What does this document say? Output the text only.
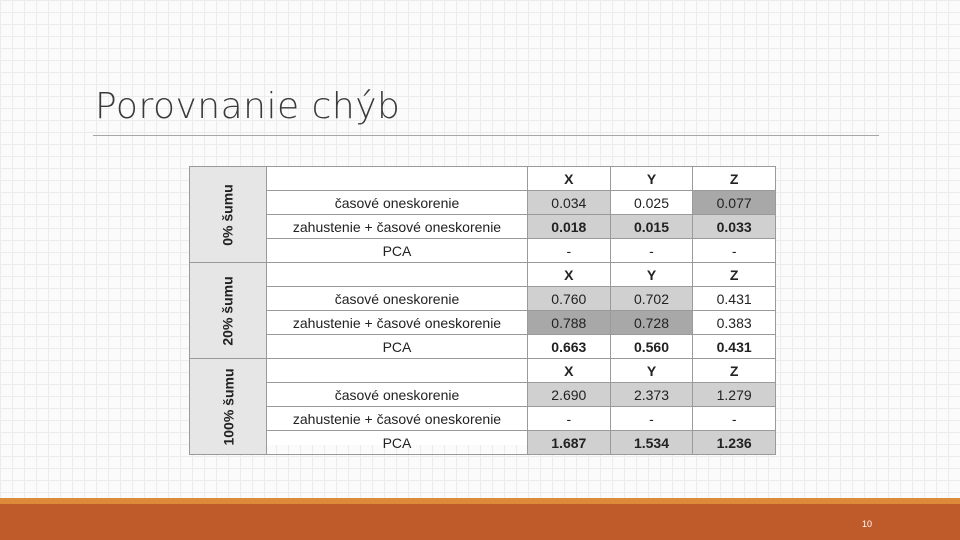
Porovnanie chýb
0% šumu		X	Y	Z
	časové oneskorenie	0.034	0.025	0.077
	zahustenie + časové oneskorenie	0.018	0.015	0.033
	PCA	-	-	-
20% šumu		X	Y	Z
	časové oneskorenie	0.760	0.702	0.431
	zahustenie + časové oneskorenie	0.788	0.728	0.383
	PCA	0.663	0.560	0.431
100% šumu		X	Y	Z
	časové oneskorenie	2.690	2.373	1.279
	zahustenie + časové oneskorenie	-	-	-
	PCA	1.687	1.534	1.236
10
